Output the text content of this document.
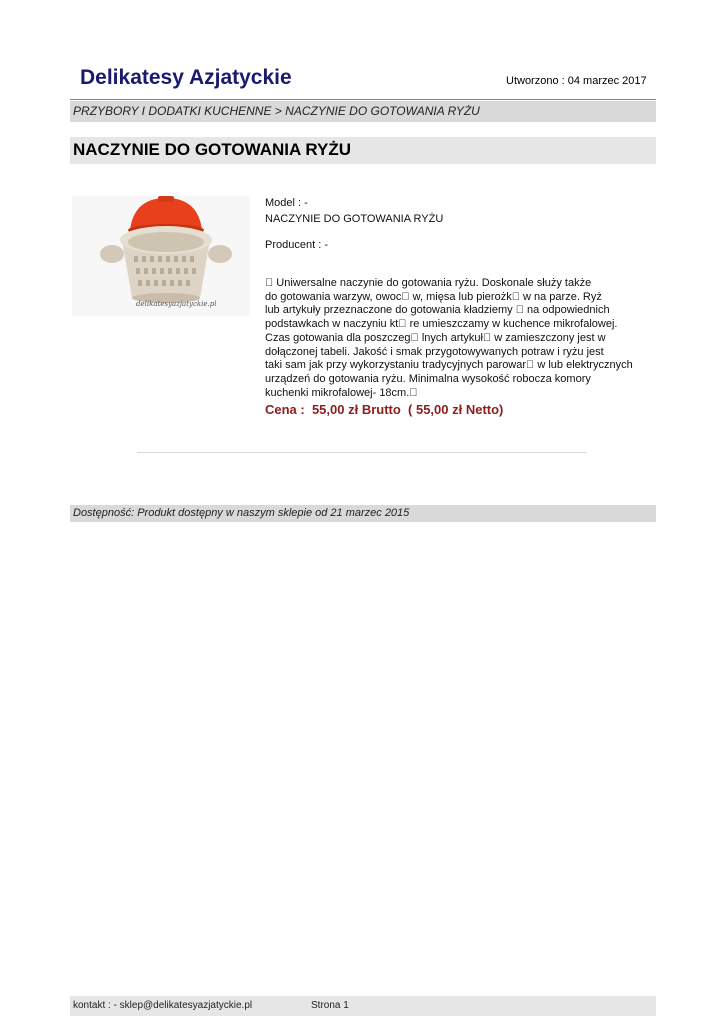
Delikatesy Azjatyckie	Utworzono : 04 marzec 2017
PRZYBORY I DODATKI KUCHENNE > NACZYNIE DO GOTOWANIA RYŻU
NACZYNIE DO GOTOWANIA RYŻU
delikatesyazjatyckie.pl
Model : -
NACZYNIE DO GOTOWANIA RYŻU
Producent : -
Uniwersalne naczynie do gotowania ryżu. Doskonale służy także
do gotowania warzyw, owoc w, mięsa lub pierożk w na parze. Ryż
lub artykuły przeznaczone do gotowania kładziemy na odpowiednich
podstawkach w naczyniu kt re umieszczamy w kuchence mikrofalowej.
Czas gotowania dla poszczeg lnych artykuł w zamieszczony jest w
dołączonej tabeli. Jakość i smak przygotowywanych potraw i ryżu jest
taki sam jak przy wykorzystaniu tradycyjnych parowar w lub elektrycznych
urządzeń do gotowania ryżu. Minimalna wysokość robocza komory
kuchenki mikrofalowej- 18cm.
Cena :  55,00 zł Brutto  ( 55,00 zł Netto)
Dostępność: Produkt dostępny w naszym sklepie od 21 marzec 2015
kontakt : - sklep@delikatesyazjatyckie.pl	Strona 1
